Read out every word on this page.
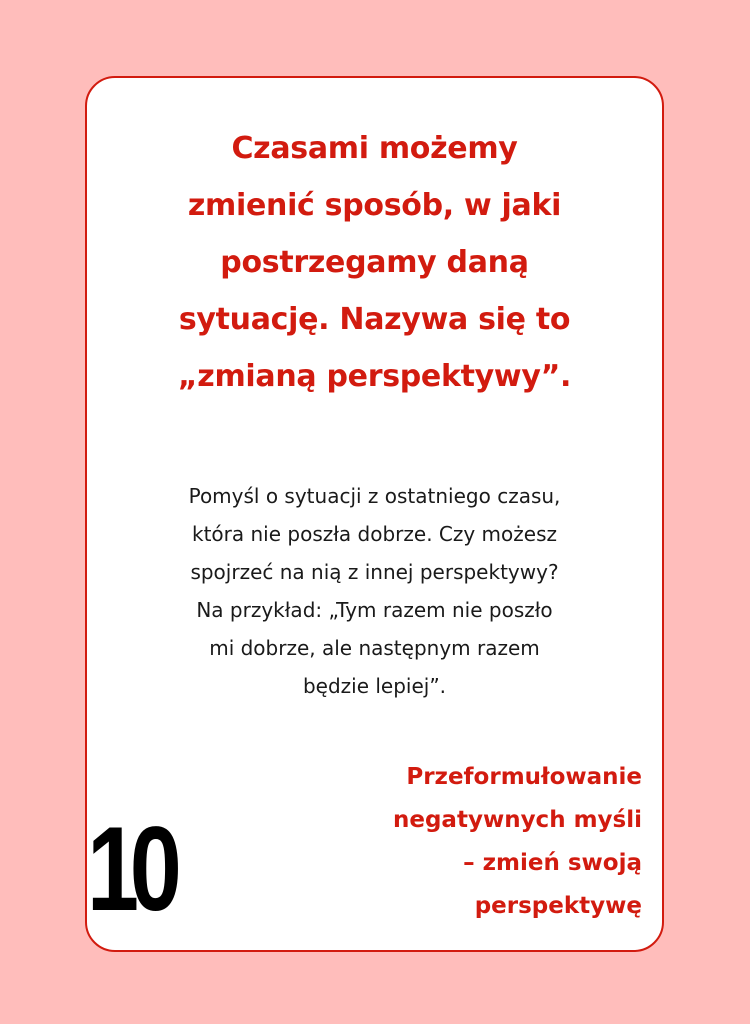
Czasami możemy
zmienić sposób, w jaki
postrzegamy daną
sytuację. Nazywa się to
„zmianą perspektywy”.
Pomyśl o sytuacji z ostatniego czasu,
która nie poszła dobrze. Czy możesz
spojrzeć na nią z innej perspektywy?
Na przykład: „Tym razem nie poszło
mi dobrze, ale następnym razem
będzie lepiej”.
10
Przeformułowanie
negatywnych myśli
– zmień swoją
perspektywę
